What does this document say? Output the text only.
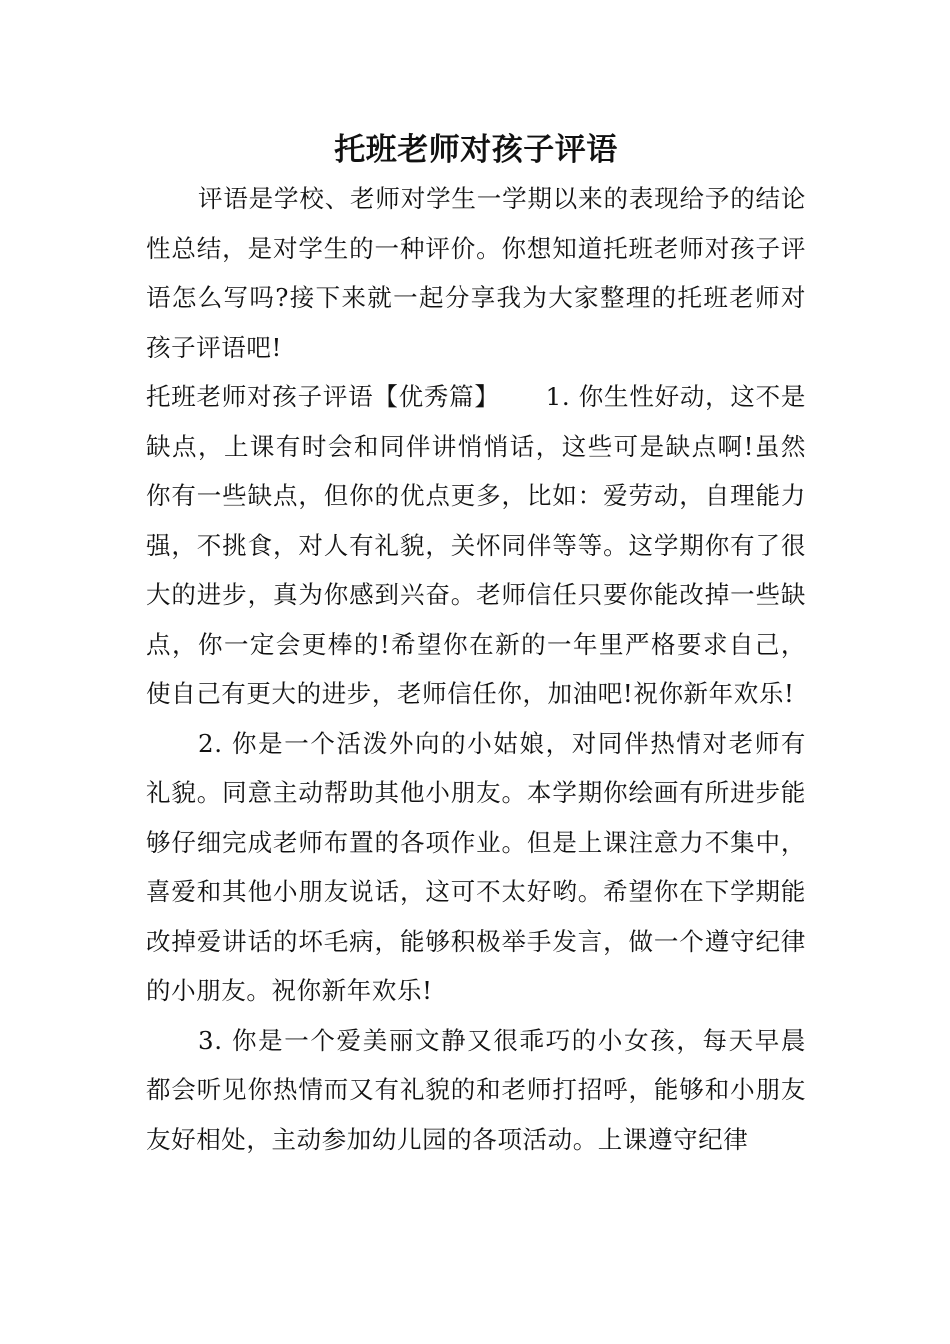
托班老师对孩子评语

评语是学校、老师对学生一学期以来的表现给予的结论性总结，是对学生的一种评价。你想知道托班老师对孩子评语怎么写吗?接下来就一起分享我为大家整理的托班老师对孩子评语吧!

托班老师对孩子评语【优秀篇】 1. 你生性好动，这不是缺点，上课有时会和同伴讲悄悄话，这些可是缺点啊!虽然你有一些缺点，但你的优点更多，比如：爱劳动，自理能力强，不挑食，对人有礼貌，关怀同伴等等。这学期你有了很大的进步，真为你感到兴奋。老师信任只要你能改掉一些缺点，你一定会更棒的!希望你在新的一年里严格要求自己，使自己有更大的进步，老师信任你，加油吧!祝你新年欢乐!

2. 你是一个活泼外向的小姑娘，对同伴热情对老师有礼貌。同意主动帮助其他小朋友。本学期你绘画有所进步能够仔细完成老师布置的各项作业。但是上课注意力不集中，喜爱和其他小朋友说话，这可不太好哟。希望你在下学期能改掉爱讲话的坏毛病，能够积极举手发言，做一个遵守纪律的小朋友。祝你新年欢乐!

3. 你是一个爱美丽文静又很乖巧的小女孩，每天早晨都会听见你热情而又有礼貌的和老师打招呼，能够和小朋友友好相处，主动参加幼儿园的各项活动。上课遵守纪律
